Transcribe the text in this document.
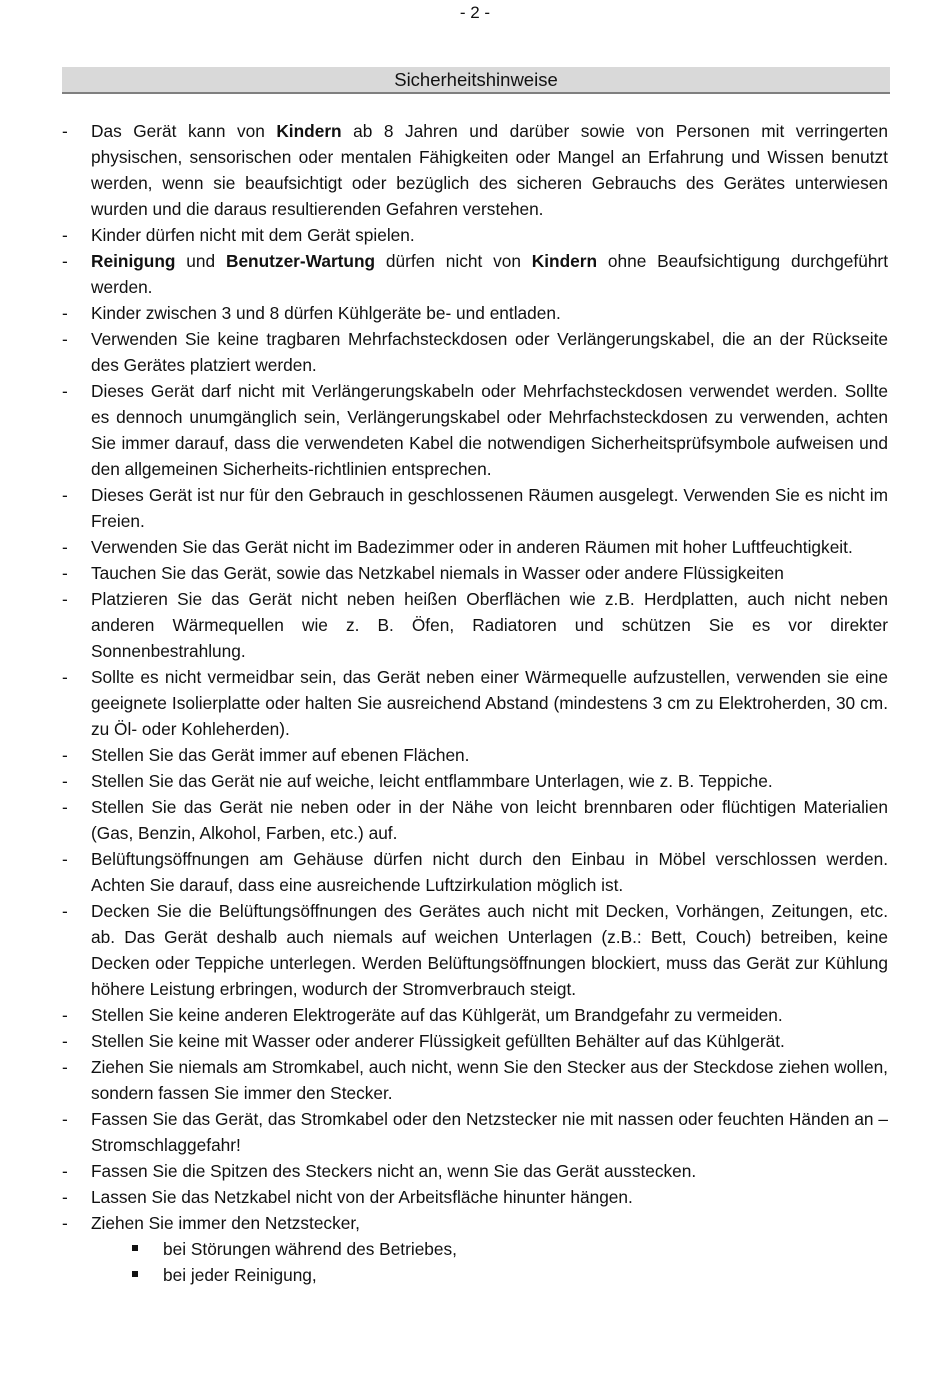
- 2 -
Sicherheitshinweise
- Das Gerät kann von Kindern ab 8 Jahren und darüber sowie von Personen mit verringerten physischen, sensorischen oder mentalen Fähigkeiten oder Mangel an Erfahrung und Wissen benutzt werden, wenn sie beaufsichtigt oder bezüglich des sicheren Gebrauchs des Gerätes unterwiesen wurden und die daraus resultierenden Gefahren verstehen.
- Kinder dürfen nicht mit dem Gerät spielen.
- Reinigung und Benutzer-Wartung dürfen nicht von Kindern ohne Beaufsichtigung durchgeführt werden.
- Kinder zwischen 3 und 8 dürfen Kühlgeräte be- und entladen.
- Verwenden Sie keine tragbaren Mehrfachsteckdosen oder Verlängerungskabel, die an der Rückseite des Gerätes platziert werden.
- Dieses Gerät darf nicht mit Verlängerungskabeln oder Mehrfachsteckdosen verwendet werden. Sollte es dennoch unumgänglich sein, Verlängerungskabel oder Mehrfachsteckdosen zu verwenden, achten Sie immer darauf, dass die verwendeten Kabel die notwendigen Sicherheitsprüfsymbole aufweisen und den allgemeinen Sicherheits-richtlinien entsprechen.
- Dieses Gerät ist nur für den Gebrauch in geschlossenen Räumen ausgelegt. Verwenden Sie es nicht im Freien.
- Verwenden Sie das Gerät nicht im Badezimmer oder in anderen Räumen mit hoher Luftfeuchtigkeit.
- Tauchen Sie das Gerät, sowie das Netzkabel niemals in Wasser oder andere Flüssigkeiten
- Platzieren Sie das Gerät nicht neben heißen Oberflächen wie z.B. Herdplatten, auch nicht neben anderen Wärmequellen wie z. B. Öfen, Radiatoren und schützen Sie es vor direkter Sonnenbestrahlung.
- Sollte es nicht vermeidbar sein, das Gerät neben einer Wärmequelle aufzustellen, verwenden sie eine geeignete Isolierplatte oder halten Sie ausreichend Abstand (mindestens 3 cm zu Elektroherden, 30 cm. zu Öl- oder Kohleherden).
- Stellen Sie das Gerät immer auf ebenen Flächen.
- Stellen Sie das Gerät nie auf weiche, leicht entflammbare Unterlagen, wie z. B. Teppiche.
- Stellen Sie das Gerät nie neben oder in der Nähe von leicht brennbaren oder flüchtigen Materialien (Gas, Benzin, Alkohol, Farben, etc.) auf.
- Belüftungsöffnungen am Gehäuse dürfen nicht durch den Einbau in Möbel verschlossen werden. Achten Sie darauf, dass eine ausreichende Luftzirkulation möglich ist.
- Decken Sie die Belüftungsöffnungen des Gerätes auch nicht mit Decken, Vorhängen, Zeitungen, etc. ab. Das Gerät deshalb auch niemals auf weichen Unterlagen (z.B.: Bett, Couch) betreiben, keine Decken oder Teppiche unterlegen. Werden Belüftungsöffnungen blockiert, muss das Gerät zur Kühlung höhere Leistung erbringen, wodurch der Stromverbrauch steigt.
- Stellen Sie keine anderen Elektrogeräte auf das Kühlgerät, um Brandgefahr zu vermeiden.
- Stellen Sie keine mit Wasser oder anderer Flüssigkeit gefüllten Behälter auf das Kühlgerät.
- Ziehen Sie niemals am Stromkabel, auch nicht, wenn Sie den Stecker aus der Steckdose ziehen wollen, sondern fassen Sie immer den Stecker.
- Fassen Sie das Gerät, das Stromkabel oder den Netzstecker nie mit nassen oder feuchten Händen an – Stromschlaggefahr!
- Fassen Sie die Spitzen des Steckers nicht an, wenn Sie das Gerät ausstecken.
- Lassen Sie das Netzkabel nicht von der Arbeitsfläche hinunter hängen.
- Ziehen Sie immer den Netzstecker,
bei Störungen während des Betriebes,
bei jeder Reinigung,
